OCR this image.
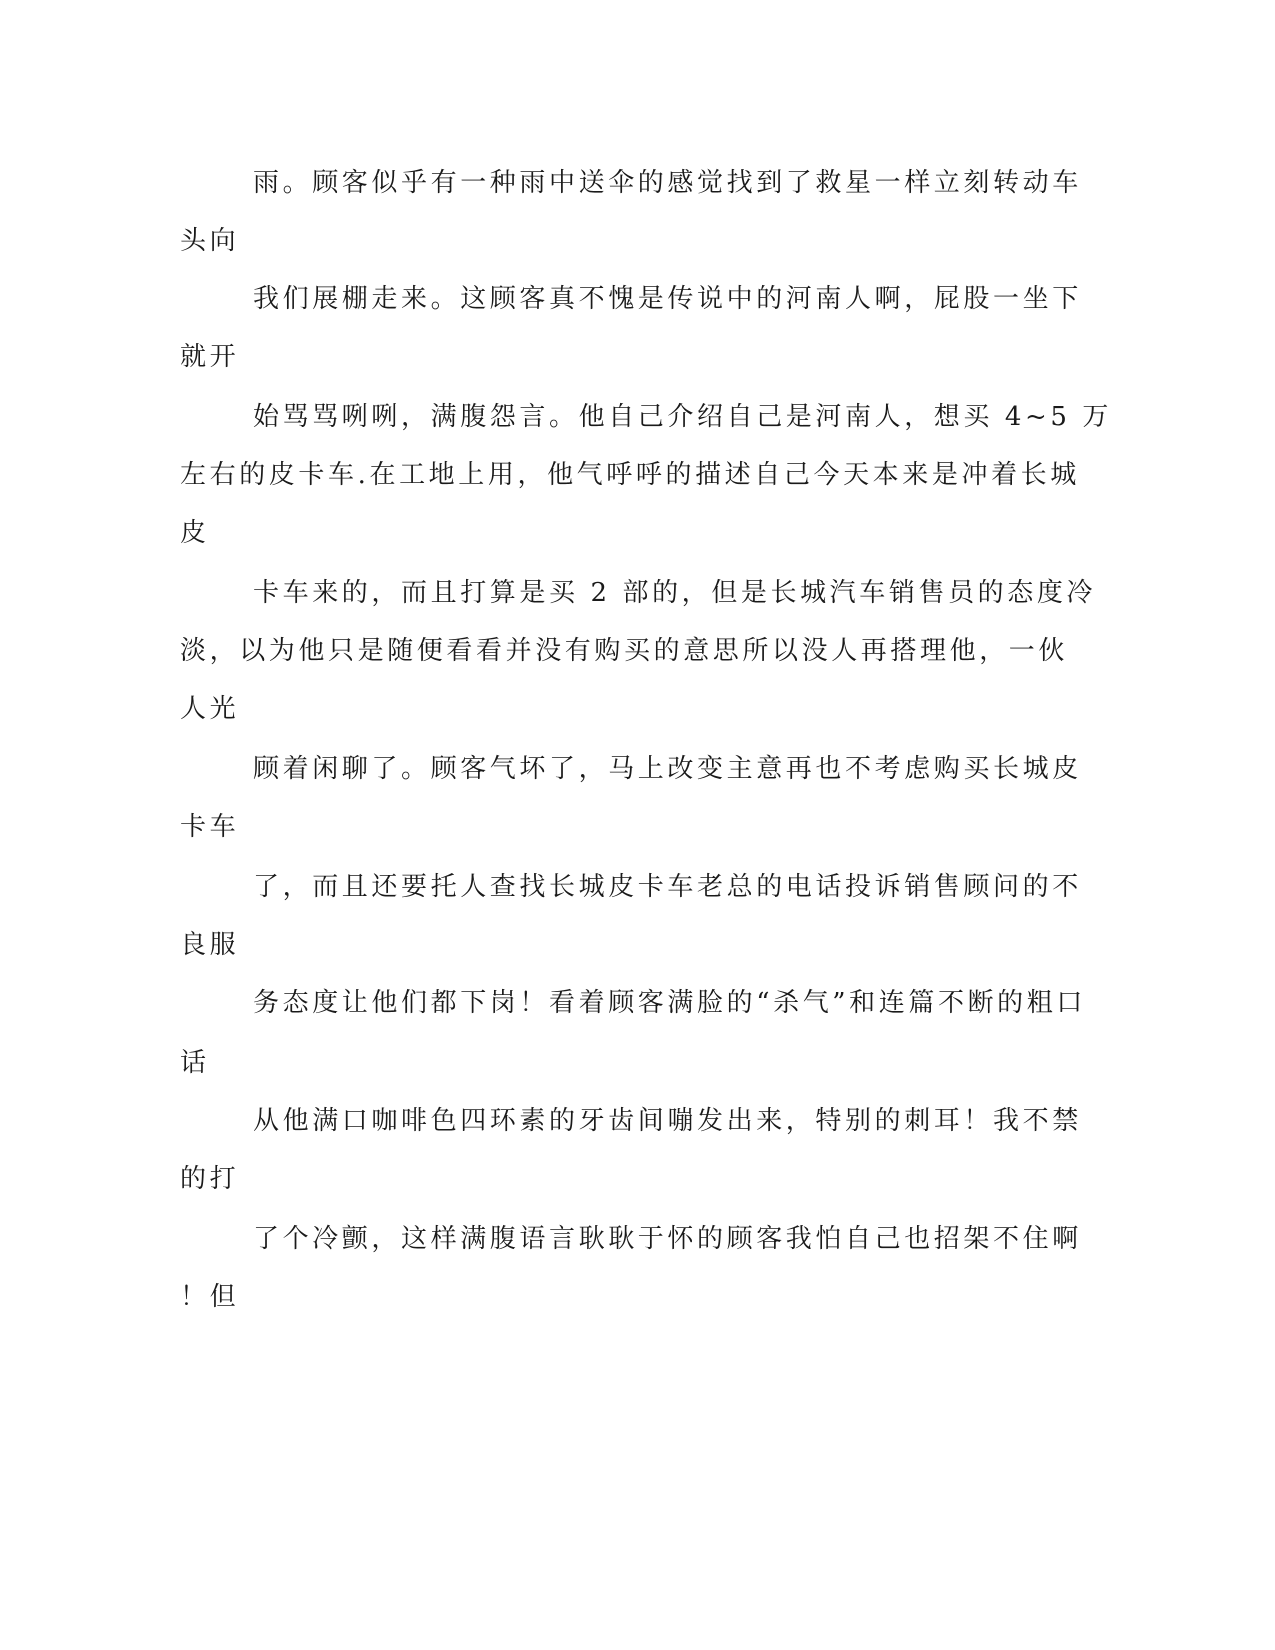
雨。顾客似乎有一种雨中送伞的感觉找到了救星一样立刻转动车
头向
我们展棚走来。这顾客真不愧是传说中的河南人啊，屁股一坐下
就开
始骂骂咧咧，满腹怨言。他自己介绍自己是河南人，想买 4~5 万
左右的皮卡车.在工地上用，他气呼呼的描述自己今天本来是冲着长城
皮
卡车来的，而且打算是买 2 部的，但是长城汽车销售员的态度冷
淡，以为他只是随便看看并没有购买的意思所以没人再搭理他，一伙
人光
顾着闲聊了。顾客气坏了，马上改变主意再也不考虑购买长城皮
卡车
了，而且还要托人查找长城皮卡车老总的电话投诉销售顾问的不
良服
务态度让他们都下岗！看着顾客满脸的“杀气”和连篇不断的粗口
话
从他满口咖啡色四环素的牙齿间嘣发出来，特别的刺耳！我不禁
的打
了个冷颤，这样满腹语言耿耿于怀的顾客我怕自己也招架不住啊
！但
